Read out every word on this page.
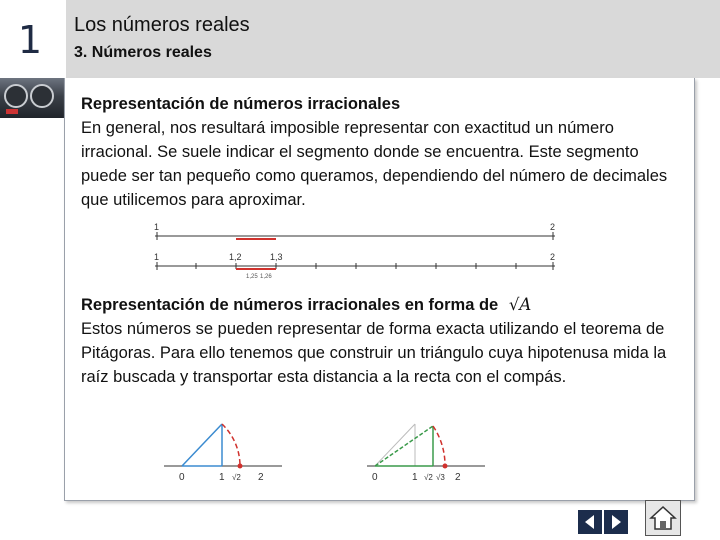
1	Los números reales
3. Números reales
Representación de números irracionales
En general, nos resultará imposible representar con exactitud un número irracional. Se suele indicar el segmento donde se encuentra. Este segmento puede ser tan pequeño como queramos, dependiendo del número de decimales que utilicemos para aproximar.
1	2
1	2
1,2	1,3
1,25 1,26
Representación de números irracionales en forma de √A
Estos números se pueden representar de forma exacta utilizando el teorema de Pitágoras. Para ello tenemos que construir un triángulo cuya hipotenusa mida la raíz buscada y transportar esta distancia a la recta con el compás.
0	1 √2 2	0	1 √2 √3 2
